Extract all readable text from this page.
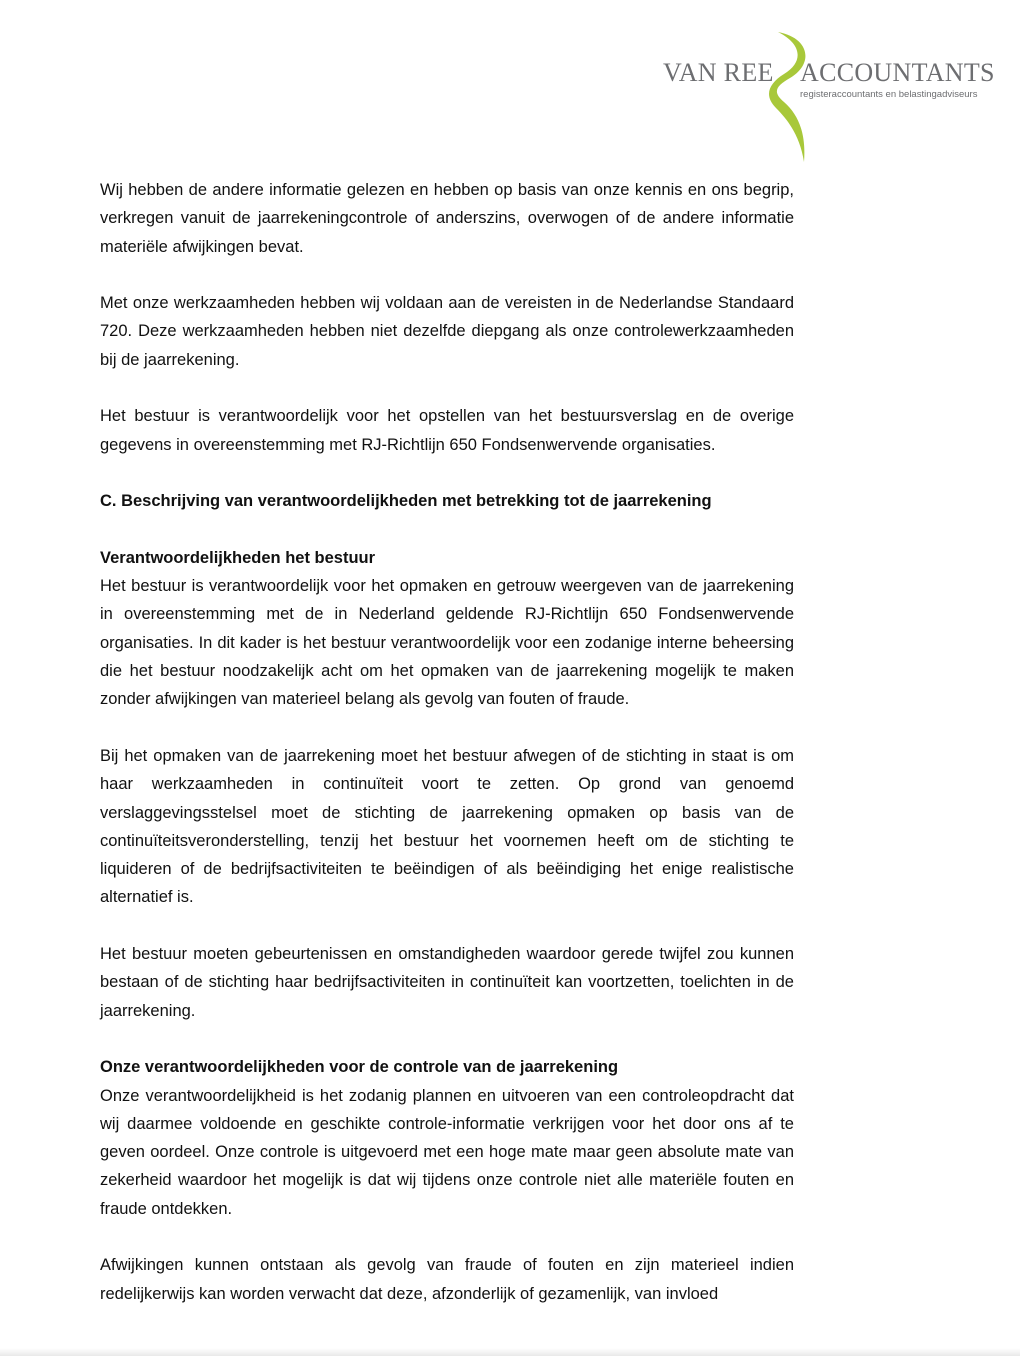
VAN REE ACCOUNTANTS
registeraccountants en belastingadviseurs

Wij hebben de andere informatie gelezen en hebben op basis van onze kennis en ons begrip, verkregen vanuit de jaarrekeningcontrole of anderszins, overwogen of de andere informatie materiële afwijkingen bevat.

Met onze werkzaamheden hebben wij voldaan aan de vereisten in de Nederlandse Standaard 720. Deze werkzaamheden hebben niet dezelfde diepgang als onze controlewerkzaamheden bij de jaarrekening.

Het bestuur is verantwoordelijk voor het opstellen van het bestuursverslag en de overige gegevens in overeenstemming met RJ-Richtlijn 650 Fondsenwervende organisaties.

C. Beschrijving van verantwoordelijkheden met betrekking tot de jaarrekening
Verantwoordelijkheden het bestuur

Het bestuur is verantwoordelijk voor het opmaken en getrouw weergeven van de jaarrekening in overeenstemming met de in Nederland geldende RJ-Richtlijn 650 Fondsenwervende organisaties. In dit kader is het bestuur verantwoordelijk voor een zodanige interne beheersing die het bestuur noodzakelijk acht om het opmaken van de jaarrekening mogelijk te maken zonder afwijkingen van materieel belang als gevolg van fouten of fraude.

Bij het opmaken van de jaarrekening moet het bestuur afwegen of de stichting in staat is om haar werkzaamheden in continuïteit voort te zetten. Op grond van genoemd verslaggevingsstelsel moet de stichting de jaarrekening opmaken op basis van de continuïteitsveronderstelling, tenzij het bestuur het voornemen heeft om de stichting te liquideren of de bedrijfsactiviteiten te beëindigen of als beëindiging het enige realistische alternatief is.

Het bestuur moeten gebeurtenissen en omstandigheden waardoor gerede twijfel zou kunnen bestaan of de stichting haar bedrijfsactiviteiten in continuïteit kan voortzetten, toelichten in de jaarrekening.

Onze verantwoordelijkheden voor de controle van de jaarrekening

Onze verantwoordelijkheid is het zodanig plannen en uitvoeren van een controleopdracht dat wij daarmee voldoende en geschikte controle-informatie verkrijgen voor het door ons af te geven oordeel. Onze controle is uitgevoerd met een hoge mate maar geen absolute mate van zekerheid waardoor het mogelijk is dat wij tijdens onze controle niet alle materiële fouten en fraude ontdekken.

Afwijkingen kunnen ontstaan als gevolg van fraude of fouten en zijn materieel indien redelijkerwijs kan worden verwacht dat deze, afzonderlijk of gezamenlijk, van invloed
